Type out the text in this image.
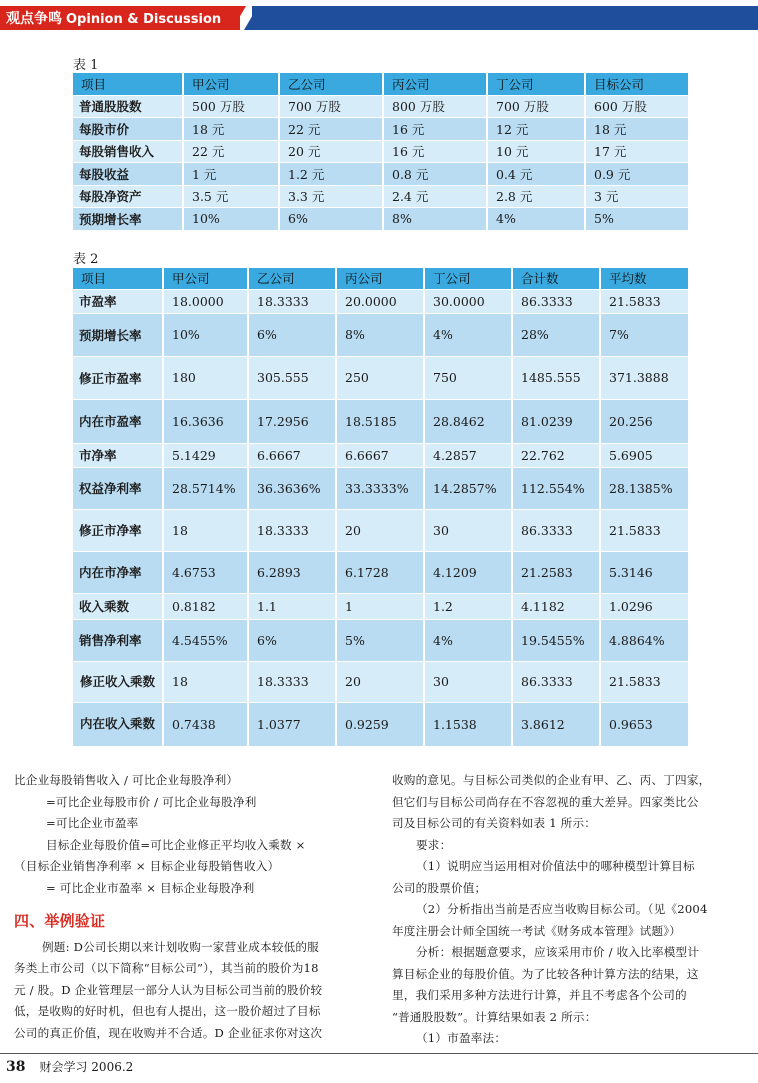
观点争鸣 Opinion & Discussion
表 1
项目	甲公司	乙公司	丙公司	丁公司	目标公司
普通股股数	500 万股	700 万股	800 万股	700 万股	600 万股
每股市价	18 元	22 元	16 元	12 元	18 元
每股销售收入	22 元	20 元	16 元	10 元	17 元
每股收益	1 元	1.2 元	0.8 元	0.4 元	0.9 元
每股净资产	3.5 元	3.3 元	2.4 元	2.8 元	3 元
预期增长率	10%	6%	8%	4%	5%
表 2
项目	甲公司	乙公司	丙公司	丁公司	合计数	平均数
市盈率	18.0000	18.3333	20.0000	30.0000	86.3333	21.5833
预期增长率	10%	6%	8%	4%	28%	7%
修正市盈率	180	305.555	250	750	1485.555	371.3888
内在市盈率	16.3636	17.2956	18.5185	28.8462	81.0239	20.256
市净率	5.1429	6.6667	6.6667	4.2857	22.762	5.6905
权益净利率	28.5714%	36.3636%	33.3333%	14.2857%	112.554%	28.1385%
修正市净率	18	18.3333	20	30	86.3333	21.5833
内在市净率	4.6753	6.2893	6.1728	4.1209	21.2583	5.3146
收入乘数	0.8182	1.1	1	1.2	4.1182	1.0296
销售净利率	4.5455%	6%	5%	4%	19.5455%	4.8864%
修正收入乘数	18	18.3333	20	30	86.3333	21.5833
内在收入乘数	0.7438	1.0377	0.9259	1.1538	3.8612	0.9653

比企业每股销售收入 / 可比企业每股净利）

=可比企业每股市价 / 可比企业每股净利

=可比企业市盈率

目标企业每股价值=可比企业修正平均收入乘数 ×

（目标企业销售净利率 × 目标企业每股销售收入）

= 可比企业市盈率 × 目标企业每股净利

四、举例验证

例题: D公司长期以来计划收购一家营业成本较低的服

务类上市公司（以下简称“目标公司”），其当前的股价为18

元 / 股。D 企业管理层一部分人认为目标公司当前的股价较

低，是收购的好时机，但也有人提出，这一股价超过了目标

公司的真正价值，现在收购并不合适。D 企业征求你对这次

收购的意见。与目标公司类似的企业有甲、乙、丙、丁四家，

但它们与目标公司尚存在不容忽视的重大差异。四家类比公

司及目标公司的有关资料如表 1 所示：

要求：

（1）说明应当运用相对价值法中的哪种模型计算目标

公司的股票价值；

（2）分析指出当前是否应当收购目标公司。（见《2004

年度注册会计师全国统一考试《财务成本管理》试题》）

分析：根据题意要求，应该采用市价 / 收入比率模型计

算目标企业的每股价值。为了比较各种计算方法的结果，这

里，我们采用多种方法进行计算，并且不考虑各个公司的

“普通股股数”。计算结果如表 2 所示：

（1）市盈率法：

38 财会学习 2006.2
